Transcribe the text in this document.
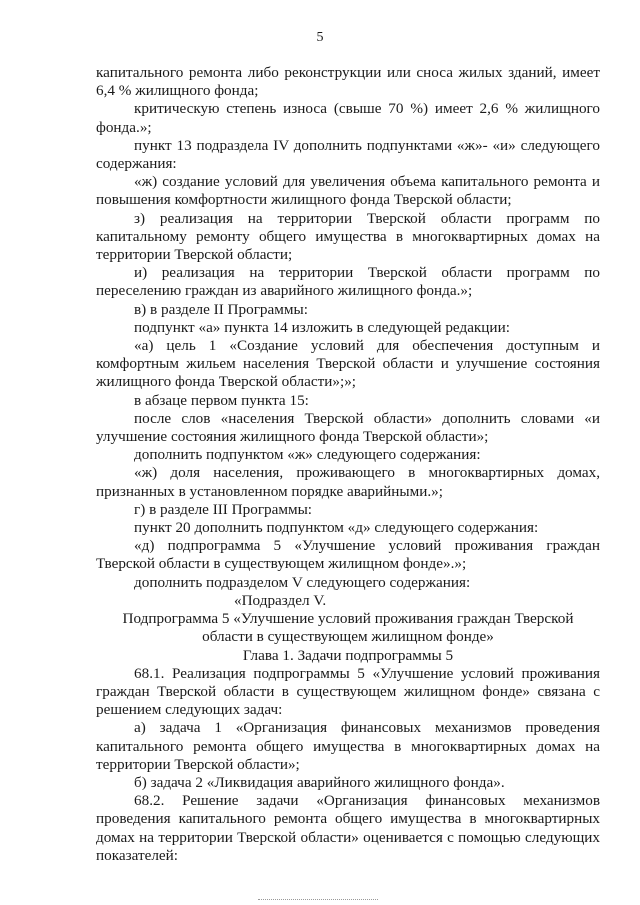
5

капитального ремонта либо реконструкции или сноса жилых зданий, имеет 6,4 % жилищного фонда;

критическую степень износа (свыше 70 %) имеет 2,6 % жилищного фонда.»;

пункт 13 подраздела IV дополнить подпунктами «ж»- «и» следующего содержания:

«ж) создание условий для увеличения объема капитального ремонта и повышения комфортности жилищного фонда Тверской области;

з) реализация на территории Тверской области программ по капитальному ремонту общего имущества в многоквартирных домах на территории Тверской области;

и) реализация на территории Тверской области программ по переселению граждан из аварийного жилищного фонда.»;

в) в разделе II Программы:

подпункт «а» пункта 14 изложить в следующей редакции:

«а) цель 1 «Создание условий для обеспечения доступным и комфортным жильем населения Тверской области и улучшение состояния жилищного фонда Тверской области»;»;

в абзаце первом пункта 15:

после слов «населения Тверской области» дополнить словами «и улучшение состояния жилищного фонда Тверской области»;

дополнить подпунктом «ж» следующего содержания:

«ж) доля населения, проживающего в многоквартирных домах, признанных в установленном порядке аварийными.»;

г) в разделе III Программы:

пункт 20 дополнить подпунктом «д» следующего содержания:

«д) подпрограмма 5 «Улучшение условий проживания граждан Тверской области в существующем жилищном фонде».»;

дополнить подразделом V следующего содержания:

«Подраздел V.

Подпрограмма 5 «Улучшение условий проживания граждан Тверской области в существующем жилищном фонде»

Глава 1. Задачи подпрограммы 5

68.1. Реализация подпрограммы 5 «Улучшение условий проживания граждан Тверской области в существующем жилищном фонде» связана с решением следующих задач:

а) задача 1 «Организация финансовых механизмов проведения капитального ремонта общего имущества в многоквартирных домах на территории Тверской области»;

б) задача 2 «Ликвидация аварийного жилищного фонда».

68.2. Решение задачи «Организация финансовых механизмов проведения капитального ремонта общего имущества в многоквартирных домах на территории Тверской области» оценивается с помощью следующих показателей:
